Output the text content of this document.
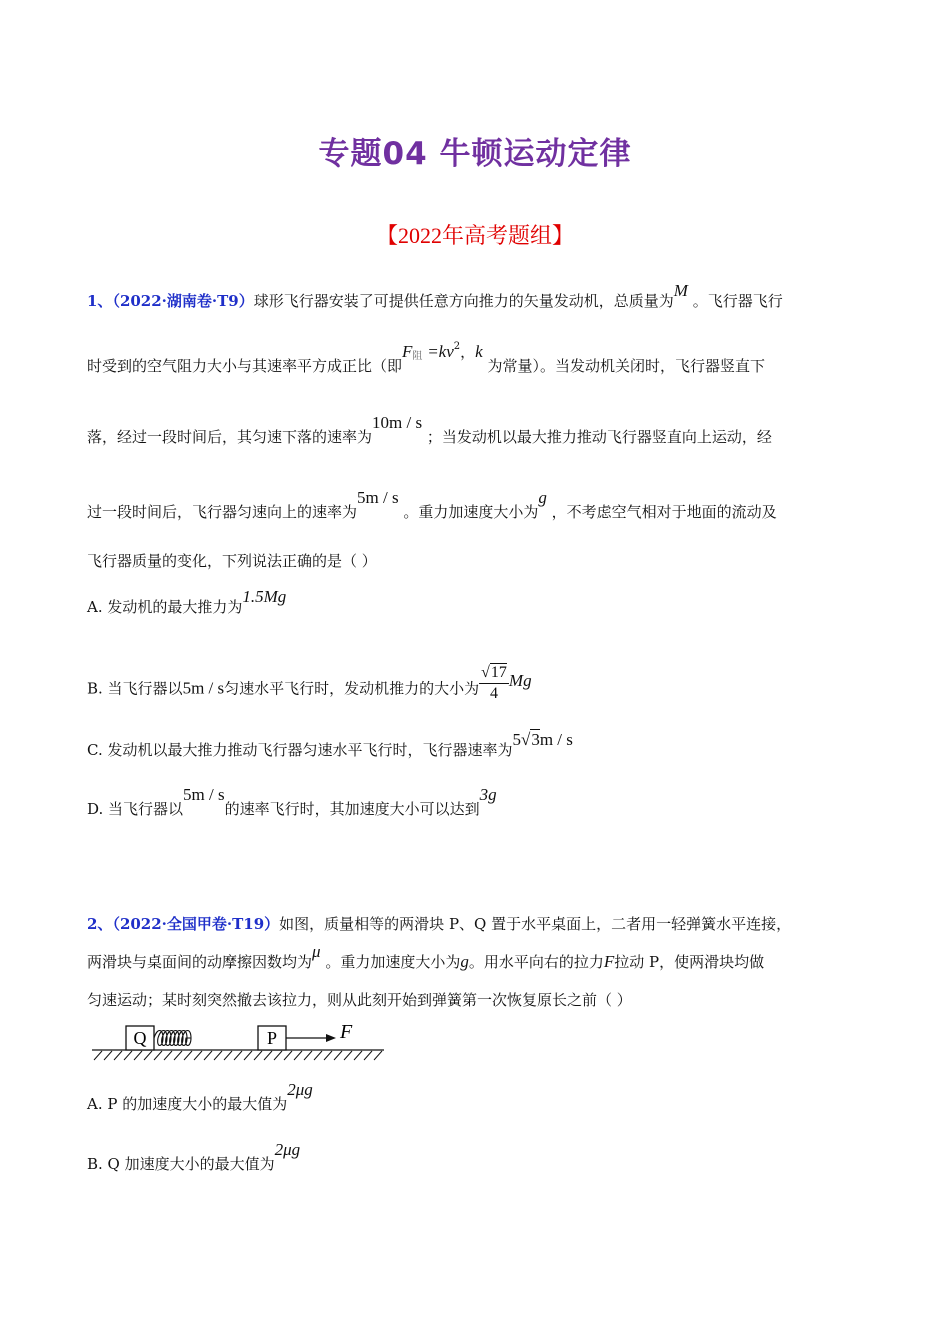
专题04 牛顿运动定律
【2022年高考题组】
1、（2022·湖南卷·T9）球形飞行器安装了可提供任意方向推力的矢量发动机，总质量为M 。飞行器飞行
时受到的空气阻力大小与其速率平方成正比（即$F_阻 =kv^2$，k 为常量）。当发动机关闭时，飞行器竖直下
落，经过一段时间后，其匀速下落的速率为10m / s ；当发动机以最大推力推动飞行器竖直向上运动，经
过一段时间后，飞行器匀速向上的速率为5m / s 。重力加速度大小为g ，不考虑空气相对于地面的流动及
飞行器质量的变化，下列说法正确的是（ ）
A. 发动机的最大推力为1.5Mg
B. 当飞行器以5m / s匀速水平飞行时，发动机推力的大小为 $\frac{√17}{4}$ Mg
C. 发动机以最大推力推动飞行器匀速水平飞行时，飞行器速率为5√3m / s
D. 当飞行器以5m / s的速率飞行时，其加速度大小可以达到3g
2、（2022·全国甲卷·T19）如图，质量相等的两滑块 P、Q 置于水平桌面上，二者用一轻弹簧水平连接，
两滑块与桌面间的动摩擦因数均为μ 。重力加速度大小为g。用水平向右的拉力F拉动 P，使两滑块均做
匀速运动；某时刻突然撤去该拉力，则从此刻开始到弹簧第一次恢复原长之前（ ）
Q	P	F
A. P 的加速度大小的最大值为2μg
B. Q 加速度大小的最大值为2μg
